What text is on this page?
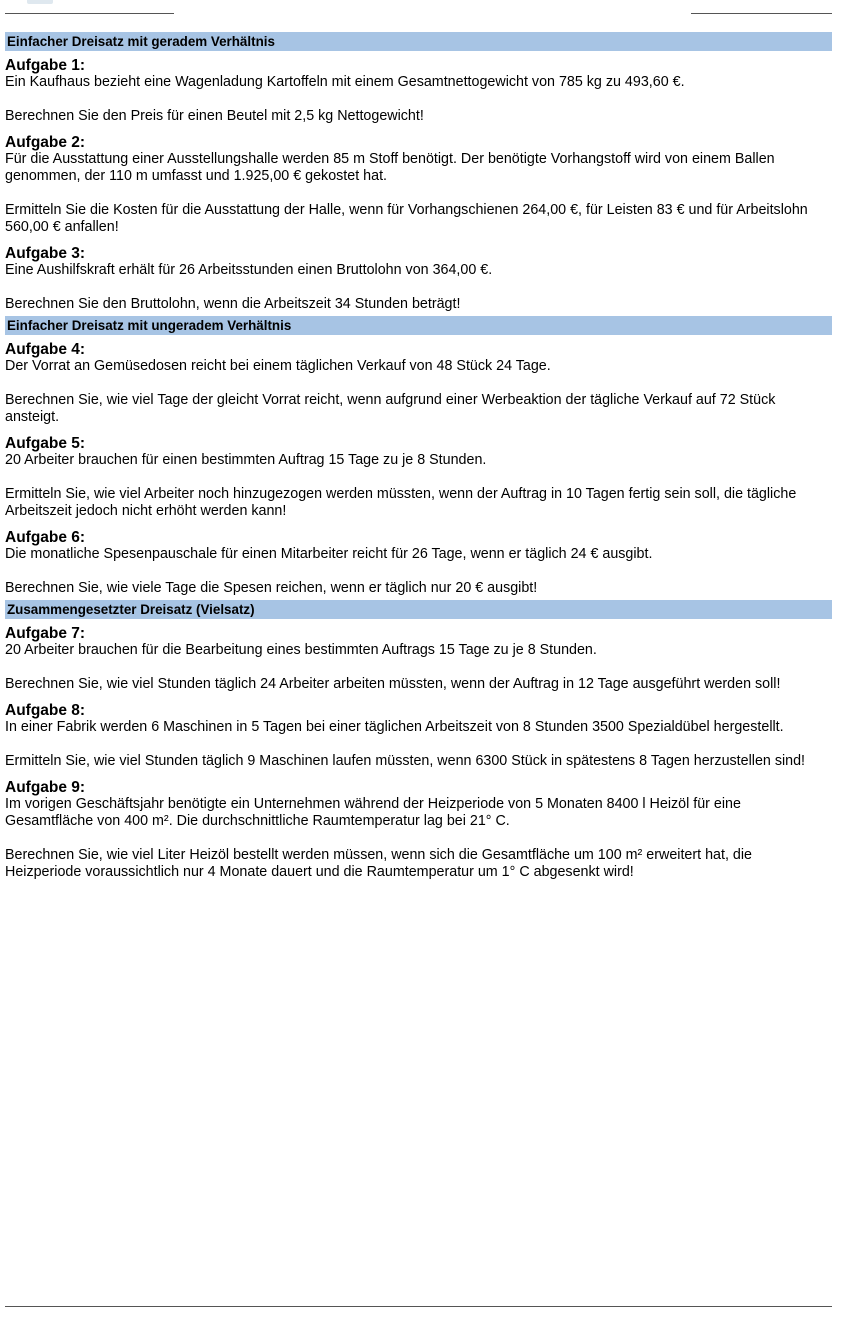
Einfacher Dreisatz mit geradem Verhältnis
Aufgabe 1:

Ein Kaufhaus bezieht eine Wagenladung Kartoffeln mit einem Gesamtnettogewicht von 785 kg zu 493,60 €.

Berechnen Sie den Preis für einen Beutel mit 2,5 kg Nettogewicht!

Aufgabe 2:

Für die Ausstattung einer Ausstellungshalle werden 85 m Stoff benötigt. Der benötigte Vorhangstoff wird von einem Ballen genommen, der 110 m umfasst und 1.925,00 € gekostet hat.

Ermitteln Sie die Kosten für die Ausstattung der Halle, wenn für Vorhangschienen 264,00 €, für Leisten 83 € und für Arbeitslohn 560,00 € anfallen!

Aufgabe 3:

Eine Aushilfskraft erhält für 26 Arbeitsstunden einen Bruttolohn von 364,00 €.

Berechnen Sie den Bruttolohn, wenn die Arbeitszeit 34 Stunden beträgt!

Einfacher Dreisatz mit ungeradem Verhältnis
Aufgabe 4:

Der Vorrat an Gemüsedosen reicht bei einem täglichen Verkauf von 48 Stück 24 Tage.

Berechnen Sie, wie viel Tage der gleicht Vorrat reicht, wenn aufgrund einer Werbeaktion der tägliche Verkauf auf 72 Stück ansteigt.

Aufgabe 5:

20 Arbeiter brauchen für einen bestimmten Auftrag 15 Tage zu je 8 Stunden.

Ermitteln Sie, wie viel Arbeiter noch hinzugezogen werden müssten, wenn der Auftrag in 10 Tagen fertig sein soll, die tägliche Arbeitszeit jedoch nicht erhöht werden kann!

Aufgabe 6:

Die monatliche Spesenpauschale für einen Mitarbeiter reicht für 26 Tage, wenn er täglich 24 € ausgibt.

Berechnen Sie, wie viele Tage die Spesen reichen, wenn er täglich nur 20 € ausgibt!

Zusammengesetzter Dreisatz (Vielsatz)
Aufgabe 7:

20 Arbeiter brauchen für die Bearbeitung eines bestimmten Auftrags 15 Tage zu je 8 Stunden.

Berechnen Sie, wie viel Stunden täglich 24 Arbeiter arbeiten müssten, wenn der Auftrag in 12 Tage ausgeführt werden soll!

Aufgabe 8:

In einer Fabrik werden 6 Maschinen in 5 Tagen bei einer täglichen Arbeitszeit von 8 Stunden 3500 Spezialdübel hergestellt.

Ermitteln Sie, wie viel Stunden täglich 9 Maschinen laufen müssten, wenn 6300 Stück in spätestens 8 Tagen herzustellen sind!

Aufgabe 9:

Im vorigen Geschäftsjahr benötigte ein Unternehmen während der Heizperiode von 5 Monaten 8400 l Heizöl für eine Gesamtfläche von 400 m². Die durchschnittliche Raumtemperatur lag bei 21° C.

Berechnen Sie, wie viel Liter Heizöl bestellt werden müssen, wenn sich die Gesamtfläche um 100 m² erweitert hat, die Heizperiode voraussichtlich nur 4 Monate dauert und die Raumtemperatur um 1° C abgesenkt wird!
